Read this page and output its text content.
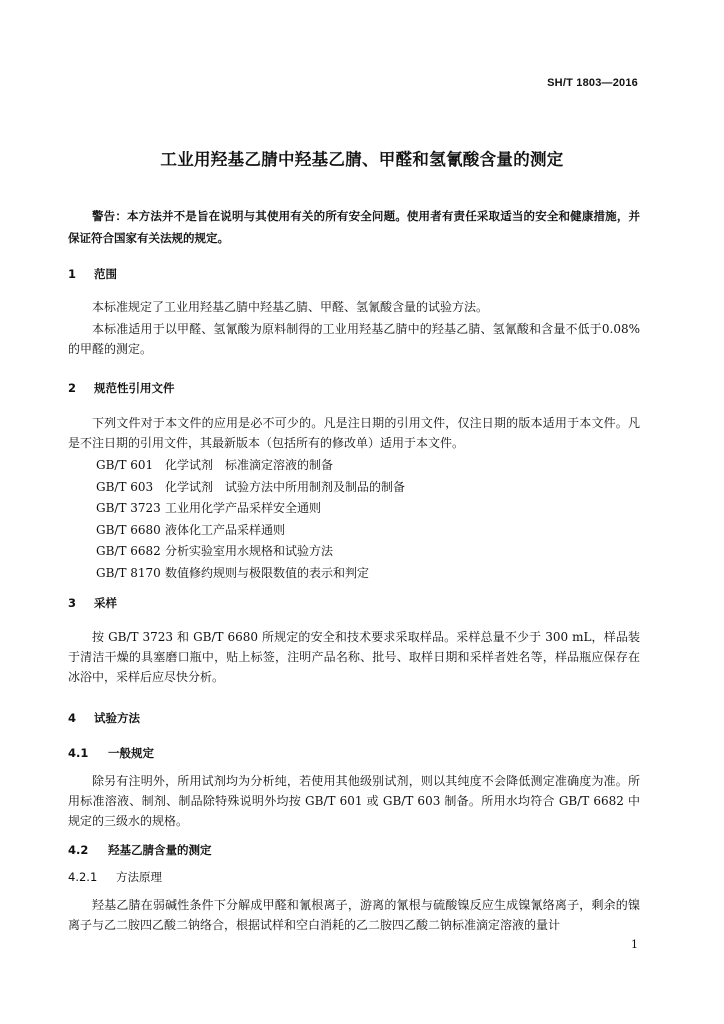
SH/T 1803—2016
工业用羟基乙腈中羟基乙腈、甲醛和氢氰酸含量的测定
警告：本方法并不是旨在说明与其使用有关的所有安全问题。使用者有责任采取适当的安全和健康措施，并保证符合国家有关法规的规定。
1 范围
本标准规定了工业用羟基乙腈中羟基乙腈、甲醛、氢氰酸含量的试验方法。
本标准适用于以甲醛、氢氰酸为原料制得的工业用羟基乙腈中的羟基乙腈、氢氰酸和含量不低于0.08%的甲醛的测定。
2 规范性引用文件
下列文件对于本文件的应用是必不可少的。凡是注日期的引用文件，仅注日期的版本适用于本文件。凡是不注日期的引用文件，其最新版本（包括所有的修改单）适用于本文件。
GB/T 601 化学试剂　标准滴定溶液的制备
GB/T 603 化学试剂　试验方法中所用制剂及制品的制备
GB/T 3723 工业用化学产品采样安全通则
GB/T 6680 液体化工产品采样通则
GB/T 6682 分析实验室用水规格和试验方法
GB/T 8170 数值修约规则与极限数值的表示和判定
3 采样
按 GB/T 3723 和 GB/T 6680 所规定的安全和技术要求采取样品。采样总量不少于 300 mL，样品装于清洁干燥的具塞磨口瓶中，贴上标签，注明产品名称、批号、取样日期和采样者姓名等，样品瓶应保存在冰浴中，采样后应尽快分析。
4 试验方法
4.1 一般规定
除另有注明外，所用试剂均为分析纯，若使用其他级别试剂，则以其纯度不会降低测定准确度为准。所用标准溶液、制剂、制品除特殊说明外均按 GB/T 601 或 GB/T 603 制备。所用水均符合 GB/T 6682 中规定的三级水的规格。
4.2 羟基乙腈含量的测定
4.2.1 方法原理
羟基乙腈在弱碱性条件下分解成甲醛和氰根离子，游离的氰根与硫酸镍反应生成镍氰络离子，剩余的镍离子与乙二胺四乙酸二钠络合，根据试样和空白消耗的乙二胺四乙酸二钠标准滴定溶液的量计
1
